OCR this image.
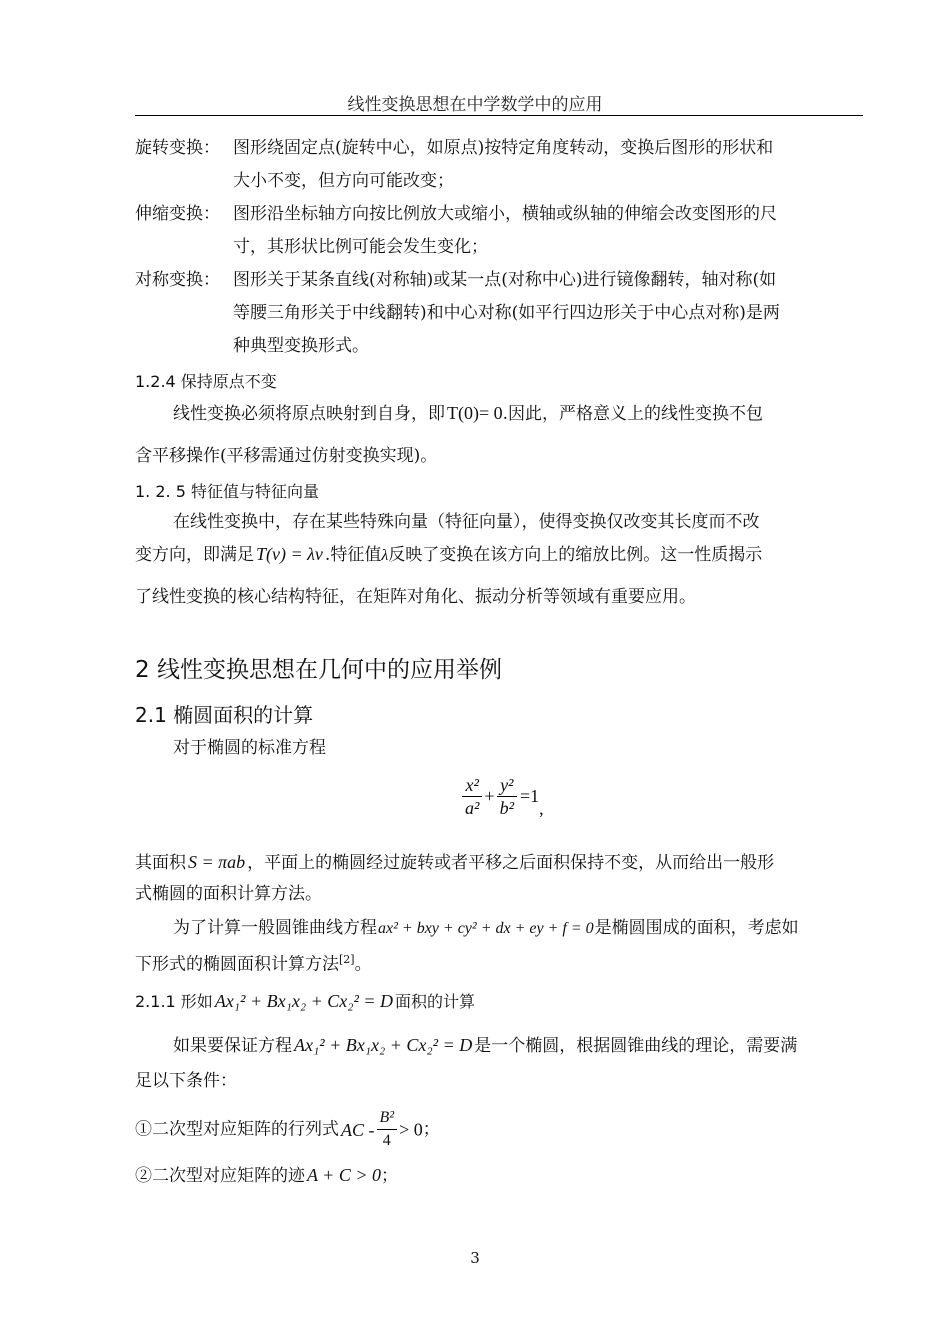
线性变换思想在中学数学中的应用
旋转变换： 图形绕固定点(旋转中心，如原点)按特定角度转动，变换后图形的形状和
大小不变，但方向可能改变；
伸缩变换： 图形沿坐标轴方向按比例放大或缩小，横轴或纵轴的伸缩会改变图形的尺
寸，其形状比例可能会发生变化；
对称变换： 图形关于某条直线(对称轴)或某一点(对称中心)进行镜像翻转，轴对称(如
等腰三角形关于中线翻转)和中心对称(如平行四边形关于中心点对称)是两
种典型变换形式。
1.2.4 保持原点不变
线性变换必须将原点映射到自身，即 T(0)= 0.因此，严格意义上的线性变换不包
含平移操作(平移需通过仿射变换实现)。
1. 2. 5 特征值与特征向量
在线性变换中，存在某些特殊向量（特征向量），使得变换仅改变其长度而不改
变方向，即满足 T(v) = λv .特征值λ反映了变换在该方向上的缩放比例。这一性质揭示
了线性变换的核心结构特征，在矩阵对角化、振动分析等领域有重要应用。
2 线性变换思想在几何中的应用举例
2.1 椭圆面积的计算
对于椭圆的标准方程
$\frac{\text{x²}}{\text{a²}} + \frac{\text{y²}}{\text{b²}} =1$,
其面积 S = πab ，平面上的椭圆经过旋转或者平移之后面积保持不变，从而给出一般形
式椭圆的面积计算方法。
为了计算一般圆锥曲线方程ax² + bxy + cy² + dx + ey + f = 0是椭圆围成的面积，考虑如
下形式的椭圆面积计算方法[2]。
2.1.1 形如 Ax₁² + Bx₁x₂ + Cx₂² = D 面积的计算
如果要保证方程 Ax₁² + Bx₁x₂ + Cx₂² = D 是一个椭圆，根据圆锥曲线的理论，需要满
足以下条件：
①二次型对应矩阵的行列式 AC - $\frac{\text{B²}}{4} > 0$；
②二次型对应矩阵的迹 A + C > 0；
3
